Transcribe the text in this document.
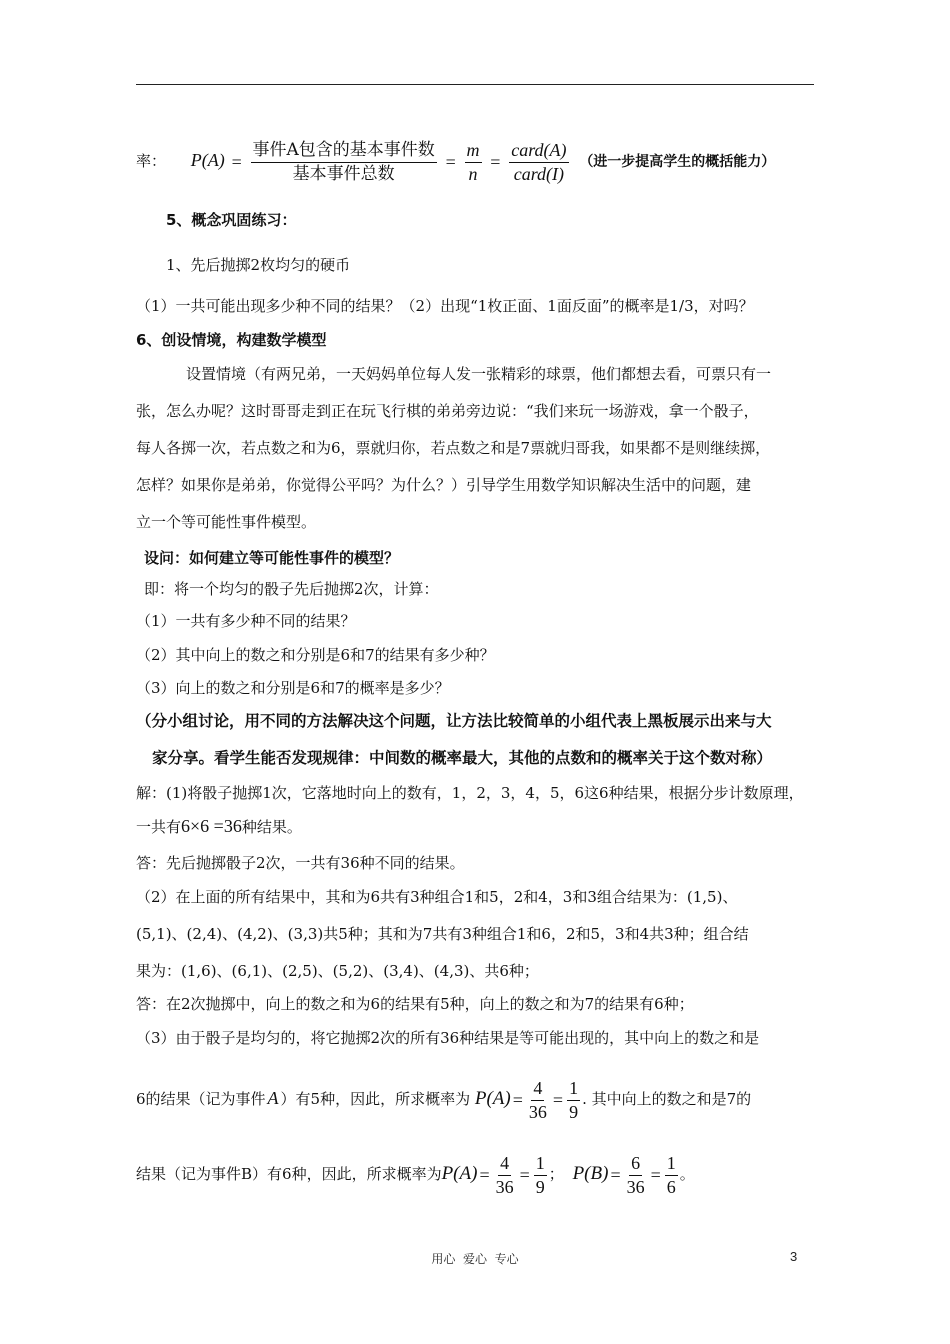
率： $P(A) = \frac{\text{事件A包含的基本事件数}}{\text{基本事件总数}} = \frac{m}{n} = \frac{\text{card(A)}}{\text{card(I)}}$ （进一步提高学生的概括能力）
5、概念巩固练习：
1、先后抛掷2枚均匀的硬币
（1）一共可能出现多少种不同的结果？（2）出现“1枚正面、1面反面”的概率是1/3，对吗？
6、创设情境，构建数学模型
设置情境（有两兄弟，一天妈妈单位每人发一张精彩的球票，他们都想去看，可票只有一
张，怎么办呢？这时哥哥走到正在玩飞行棋的弟弟旁边说：“我们来玩一场游戏，拿一个骰子，
每人各掷一次，若点数之和为6，票就归你，若点数之和是7票就归哥我，如果都不是则继续掷，
怎样？如果你是弟弟，你觉得公平吗？为什么？）引导学生用数学知识解决生活中的问题，建
立一个等可能性事件模型。
设问：如何建立等可能性事件的模型？
即：将一个均匀的骰子先后抛掷2次，计算：
（1）一共有多少种不同的结果？
（2）其中向上的数之和分别是6和7的结果有多少种？
（3）向上的数之和分别是6和7的概率是多少？
（分小组讨论，用不同的方法解决这个问题，让方法比较简单的小组代表上黑板展示出来与大
家分享。看学生能否发现规律：中间数的概率最大，其他的点数和的概率关于这个数对称）
解：(1)将骰子抛掷1次，它落地时向上的数有，1，2，3，4，5，6这6种结果，根据分步计数原理，
一共有6×6 =36种结果。
答：先后抛掷骰子2次，一共有36种不同的结果。
（2）在上面的所有结果中，其和为6共有3种组合1和5，2和4，3和3组合结果为：(1,5)、
(5,1)、(2,4)、(4,2)、(3,3)共5种；其和为7共有3种组合1和6，2和5，3和4共3种；组合结
果为：(1,6)、(6,1)、(2,5)、(5,2)、(3,4)、(4,3)、共6种；
答：在2次抛掷中，向上的数之和为6的结果有5种，向上的数之和为7的结果有6种；
（3）由于骰子是均匀的，将它抛掷2次的所有36种结果是等可能出现的，其中向上的数之和是
6的结果（记为事件 A ）有5种，因此，所求概率为 $P(A) = \frac{4}{36} = \frac{1}{9}$ . 其中向上的数之和是7的
结果（记为事件B）有6种，因此，所求概率为$P(A) = \frac{4}{36} = \frac{1}{9}$ ； $P(B) = \frac{6}{36} = \frac{1}{6}$ 。
用心  爱心  专心	3
